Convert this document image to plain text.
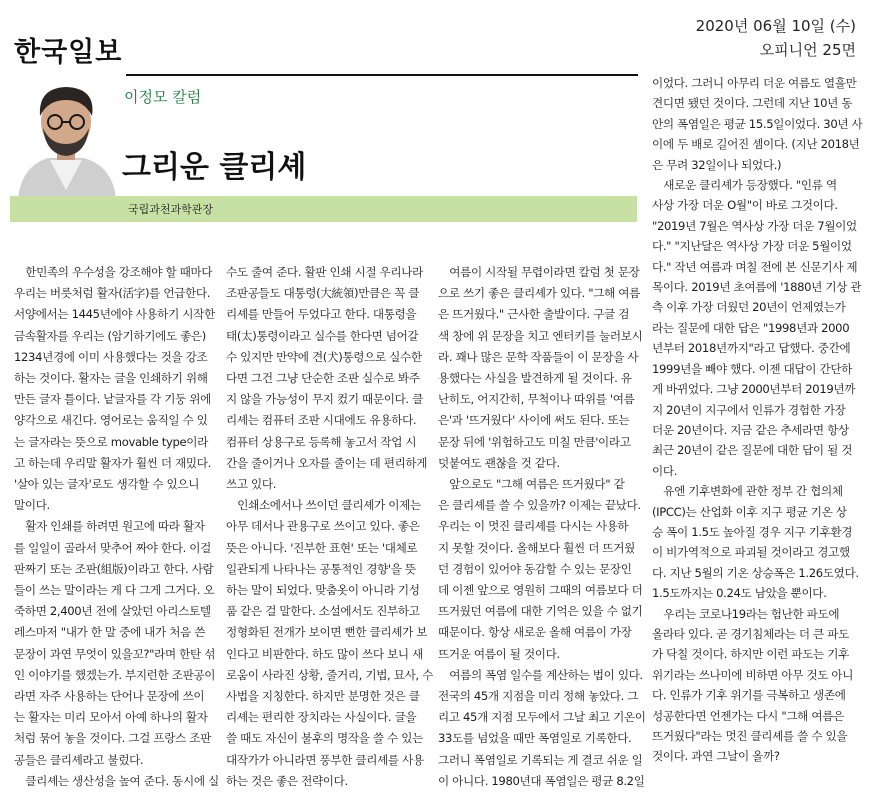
한국일보
2020년 06월 10일 (수)
오피니언 25면
이정모 칼럼
그리운 클리셰
국립과천과학관장

　한민족의 우수성을 강조해야 할 때마다

우리는 버릇처럼 활자(活字)를 언급한다.

서양에서는 1445년에야 사용하기 시작한

금속활자를 우리는 (암기하기에도 좋은)

1234년경에 이미 사용했다는 것을 강조

하는 것이다. 활자는 글을 인쇄하기 위해

만든 글자 틀이다. 낱글자를 각 기둥 위에

양각으로 새긴다. 영어로는 움직일 수 있

는 글자라는 뜻으로 movable type이라

고 하는데 우리말 활자가 훨씬 더 재밌다.

'살아 있는 글자'로도 생각할 수 있으니

말이다.

　활자 인쇄를 하려면 원고에 따라 활자

를 일일이 골라서 맞추어 짜야 한다. 이걸

판짜기 또는 조판(組版)이라고 한다. 사람

들이 쓰는 말이라는 게 다 그게 그거다. 오

죽하면 2,400년 전에 살았던 아리스토텔

레스마저 "내가 한 말 중에 내가 처음 쓴

문장이 과연 무엇이 있을꼬?"라며 한탄 섞

인 이야기를 했겠는가. 부지런한 조판공이

라면 자주 사용하는 단어나 문장에 쓰이

는 활자는 미리 모아서 아예 하나의 활자

처럼 묶어 놓을 것이다. 그걸 프랑스 조판

공들은 클리셰라고 불렀다.

　클리셰는 생산성을 높여 준다. 동시에 실

수도 줄여 준다. 활판 인쇄 시절 우리나라

조판공들도 대통령(大統領)만큼은 꼭 클

리셰를 만들어 두었다고 한다. 대통령을

태(太)통령이라고 실수를 한다면 넘어갈

수 있지만 만약에 견(犬)통령으로 실수한

다면 그건 그냥 단순한 조판 실수로 봐주

지 않을 가능성이 무지 컸기 때문이다. 클

리셰는 컴퓨터 조판 시대에도 유용하다.

컴퓨터 상용구로 등록해 놓고서 작업 시

간을 줄이거나 오자를 줄이는 데 편리하게

쓰고 있다.

　인쇄소에서나 쓰이던 클리셰가 이제는

아무 데서나 관용구로 쓰이고 있다. 좋은

뜻은 아니다. '진부한 표현' 또는 '대체로

일관되게 나타나는 공통적인 경향'을 뜻

하는 말이 되었다. 맞춤옷이 아니라 기성

품 같은 걸 말한다. 소설에서도 진부하고

정형화된 전개가 보이면 뻔한 클리셰가 보

인다고 비판한다. 하도 많이 쓰다 보니 새

로움이 사라진 상황, 줄거리, 기법, 묘사, 수

사법을 지칭한다. 하지만 분명한 것은 클

리셰는 편리한 장치라는 사실이다. 글을

쓸 때도 자신이 불후의 명작을 쓸 수 있는

대작가가 아니라면 풍부한 클리셰를 사용

하는 것은 좋은 전략이다.

　여름이 시작될 무렵이라면 칼럼 첫 문장

으로 쓰기 좋은 클리셰가 있다. "그해 여름

은 뜨거웠다." 근사한 출발이다. 구글 검

색 창에 위 문장을 치고 엔터키를 눌러보시

라. 꽤나 많은 문학 작품들이 이 문장을 사

용했다는 사실을 발견하게 될 것이다. 유

난히도, 어지간히, 무척이나 따위를 '여름

은'과 '뜨거웠다' 사이에 써도 된다. 또는

문장 뒤에 '위험하고도 미칠 만큼'이라고

덧붙여도 괜찮을 것 같다.

　앞으로도 "그해 여름은 뜨거웠다" 같

은 클리셰를 쓸 수 있을까? 이제는 끝났다.

우리는 이 멋진 클리셰를 다시는 사용하

지 못할 것이다. 올해보다 훨씬 더 뜨거웠

던 경험이 있어야 동감할 수 있는 문장인

데 이젠 앞으로 영원히 그때의 여름보다 더

뜨거웠던 여름에 대한 기억은 있을 수 없기

때문이다. 항상 새로운 올해 여름이 가장

뜨거운 여름이 될 것이다.

　여름의 폭염 일수를 계산하는 법이 있다.

전국의 45개 지점을 미리 정해 놓았다. 그

리고 45개 지점 모두에서 그날 최고 기온이

33도를 넘었을 때만 폭염일로 기록한다.

그러니 폭염일로 기록되는 게 결코 쉬운 일

이 아니다. 1980년대 폭염일은 평균 8.2일

이었다. 그러니 아무리 더운 여름도 열흘만

견디면 됐던 것이다. 그런데 지난 10년 동

안의 폭염일은 평균 15.5일이었다. 30년 사

이에 두 배로 길어진 셈이다. (지난 2018년

은 무려 32일이나 되었다.)

　새로운 클리셰가 등장했다. "인류 역

사상 가장 더운 O월"이 바로 그것이다.

"2019년 7월은 역사상 가장 더운 7월이었

다." "지난달은 역사상 가장 더운 5월이었

다." 작년 여름과 며칠 전에 본 신문기사 제

목이다. 2019년 초여름에 '1880년 기상 관

측 이후 가장 더웠던 20년이 언제였는가

라는 질문에 대한 답은 "1998년과 2000

년부터 2018년까지"라고 답했다. 중간에

1999년을 빼야 했다. 이젠 대답이 간단하

게 바뀌었다. 그냥 2000년부터 2019년까

지 20년이 지구에서 인류가 경험한 가장

더운 20년이다. 지금 같은 추세라면 항상

최근 20년이 같은 질문에 대한 답이 될 것

이다.

　유엔 기후변화에 관한 정부 간 협의체

(IPCC)는 산업화 이후 지구 평균 기온 상

승 폭이 1.5도 높아질 경우 지구 기후환경

이 비가역적으로 파괴될 것이라고 경고했

다. 지난 5월의 기온 상승폭은 1.26도였다.

1.5도까지는 0.24도 남았을 뿐이다.

　우리는 코로나19라는 험난한 파도에

올라타 있다. 곧 경기침체라는 더 큰 파도

가 닥칠 것이다. 하지만 이런 파도는 기후

위기라는 쓰나미에 비하면 아무 것도 아니

다. 인류가 기후 위기를 극복하고 생존에

성공한다면 언젠가는 다시 "그해 여름은

뜨거웠다"라는 멋진 클리셰를 쓸 수 있을

것이다. 과연 그날이 올까?
